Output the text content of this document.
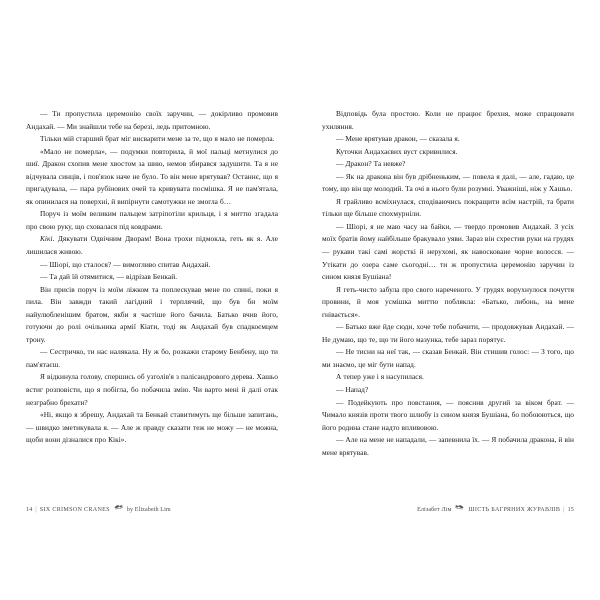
— Ти пропустила церемонію своїх заручин, — докірливо промовив Андахай. — Ми знайшли тебе на березі, ледь притомною.

Тільки мій старший брат міг висварити мене за те, що я мало не померла.

«Мало не померла», — подумки повторила, й мої пальці метнулися до шиї. Дракон схопив мене хвостом за шию, немов збирався задушити. Та я не відчувала синців, і пов'язок наче не було. То він мене врятував? Останнє, що я пригадувала, — пара рубінових очей та кривувата посмішка. Я не пам'ятала, як опинилася на поверхні, й випірнути самотужки не змогла б…

Поруч із моїм великим пальцем затріпотіли крильця, і я миттю згадала про свою руку, що сховалася під ковдрами.

Кікі. Дякувати Одвічним Дворам! Вона трохи підмокла, геть як я. Але лишилася живою.

— Шіорі, що сталося? — вимогливо спитав Андахай.

— Та дай їй отямитися, — відрізав Бенкай.

Він присів поруч із моїм ліжком та поплескував мене по спині, поки я пила. Він завжди такий лагідний і терплячий, що був би моїм найулюбленішим братом, якби я частіше його бачила. Батько вчив його, готуючи до ролі очільника армії Кіати, тоді як Андахай був спадкоємцем трону.

— Сестричко, ти нас налякала. Ну ж бо, розкажи старому Бенбену, що ти пам'ятаєш.

Я відкинула голову, спершись об узголів'я з палісандрового дерева. Хашьо встиг розповісти, що я побігла, бо побачила змію. Чи варто мені й далі отак незграбно брехати?

«Ні, якщо я збрешу, Андахай та Бенкай ставитимуть ще більше запитань, — швидко зметикувала я. — Але ж правду сказати теж не можу — не можна, щоби вони дізналися про Кікі».

14 | SIX CRIMSON CRANES	by Elizabeth Lim

Відповідь була простою. Коли не працює брехня, може спрацювати ухиляння.

— Мене врятував дракон, — сказала я.

Куточки Андахаєвих вуст скривилися.

— Дракон? Та невже?

— Як на дракона він був дрібненьким, — повела я далі, — але, гадаю, це тому, що він ще молодий. Та очі в нього були розумні. Уважніші, ніж у Хашьо.

Я грайливо всміхнулася, сподіваючись покращити всім настрій, та брати тільки ще більше спохмурніли.

— Шіорі, я не маю часу на байки, — твердо промовив Андахай. З усіх моїх братів йому найбільше бракувало уяви. Зараз він схрестив руки на грудях — рукави такі самі жорсткі й нерухомі, як навосковане чорне волосся. — Утікати до озера саме сьогодні… ти ж пропустила церемонію заручин із сином князя Бушіана!

Я геть-чисто забула про свого нареченого. У грудях ворухнулося почуття провини, й моя усмішка миттю поблякла: «Батько, либонь, на мене гнівається».

— Батько вже йде сюди, хоче тебе побачити, — продовжував Андахай. — Не думаю, що те, що ти його мазунка, тебе зараз порятує.

— Не тисни на неї так, — сказав Бенкай. Він стишив голос: — З того, що ми знаємо, це міг бути напад.

А тепер уже і я насупилася.

— Напад?

— Подейкують про повстання, — пояснив другий за віком брат. — Чимало князів проти твого шлюбу із сином князя Бушіана, бо побоюються, що його родина стане надто впливовою.

— Але на мене не нападали, — запевнила їх. — Я побачила дракона, й він мене врятував.

Елізабет Лім	ШІСТЬ БАГРЯНИХ ЖУРАВЛІВ | 15
